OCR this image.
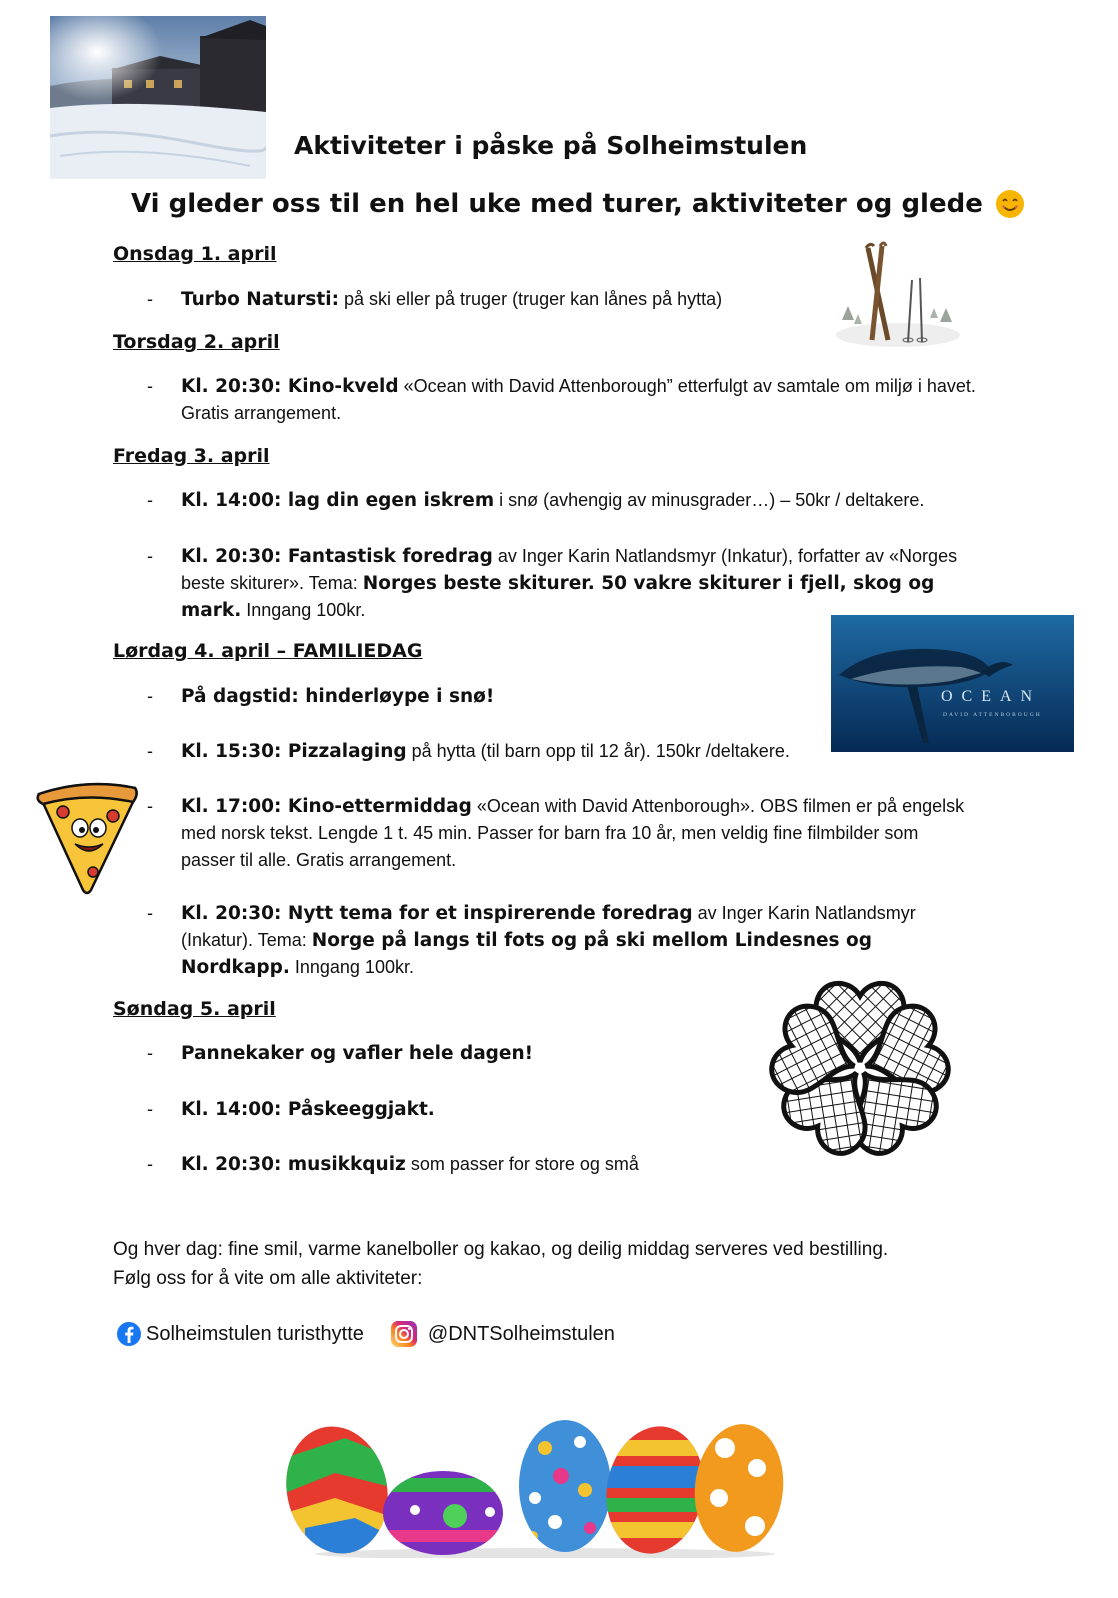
Aktiviteter i påske på Solheimstulen
Vi gleder oss til en hel uke med turer, aktiviteter og glede
Onsdag 1. april
-	Turbo Natursti: på ski eller på truger (truger kan lånes på hytta)
Torsdag 2. april
-	Kl. 20:30: Kino-kveld «Ocean with David Attenborough” etterfulgt av samtale om miljø i havet. Gratis arrangement.
Fredag 3. april
-	Kl. 14:00: lag din egen iskrem i snø (avhengig av minusgrader…) – 50kr / deltakere.
-	Kl. 20:30: Fantastisk foredrag av Inger Karin Natlandsmyr (Inkatur), forfatter av «Norges beste skiturer». Tema: Norges beste skiturer. 50 vakre skiturer i fjell, skog og mark. Inngang 100kr.
OCEAN
DAVID ATTENBOROUGH
Lørdag 4. april – FAMILIEDAG
-	På dagstid: hinderløype i snø!
-	Kl. 15:30: Pizzalaging på hytta (til barn opp til 12 år). 150kr /deltakere.
-	Kl. 17:00: Kino-ettermiddag «Ocean with David Attenborough». OBS filmen er på engelsk med norsk tekst. Lengde 1 t. 45 min. Passer for barn fra 10 år, men veldig fine filmbilder som passer til alle. Gratis arrangement.
-	Kl. 20:30: Nytt tema for et inspirerende foredrag av Inger Karin Natlandsmyr (Inkatur). Tema: Norge på langs til fots og på ski mellom Lindesnes og Nordkapp. Inngang 100kr.
Søndag 5. april
-	Pannekaker og vafler hele dagen!
-	Kl. 14:00: Påskeeggjakt.
-	Kl. 20:30: musikkquiz som passer for store og små
Og hver dag: fine smil, varme kanelboller og kakao, og deilig middag serveres ved bestilling.
Følg oss for å vite om alle aktiviteter:
Solheimstulen turisthytte	@DNTSolheimstulen
